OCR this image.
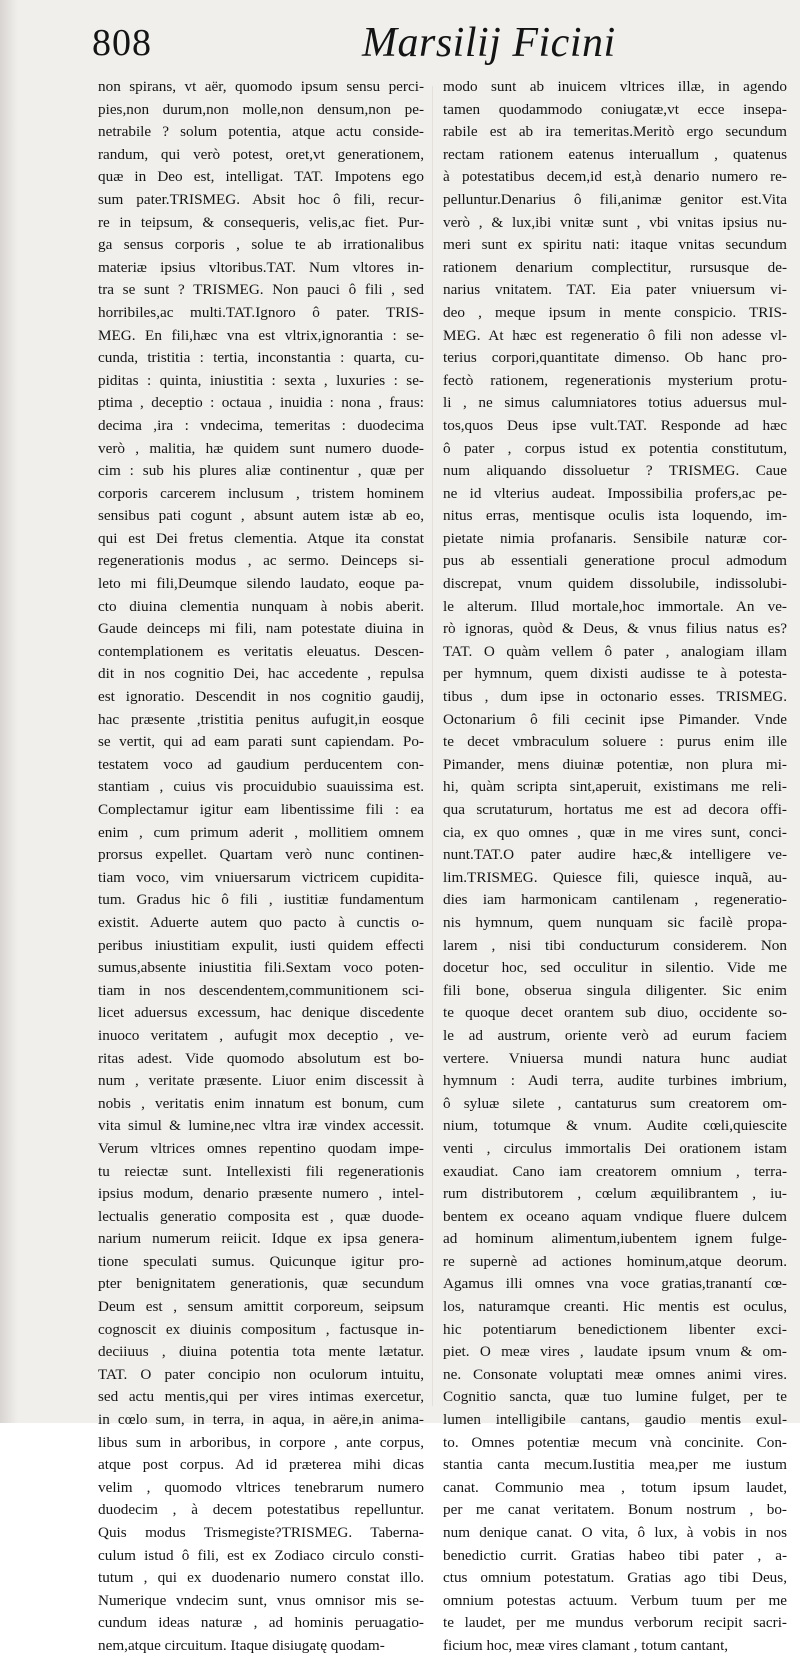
808	Marsilij Ficini
non spirans, vt aër, quomodo ipsum sensu perci-
pies,non durum,non molle,non densum,non pe-
netrabile ? solum potentia, atque actu conside-
randum, qui verò potest, oret,vt generationem,
quæ in Deo est, intelligat. TAT. Impotens ego
sum pater.TRISMEG. Absit hoc ô fili, recur-
re in teipsum, & consequeris, velis,ac fiet. Pur-
ga sensus corporis , solue te ab irrationalibus
materiæ ipsius vltoribus.TAT. Num vltores in-
tra se sunt ? TRISMEG. Non pauci ô fili , sed
horribiles,ac multi.TAT.Ignoro ô pater. TRIS-
MEG. En fili,hæc vna est vltrix,ignorantia : se-
cunda, tristitia : tertia, inconstantia : quarta, cu-
piditas : quinta, iniustitia : sexta , luxuries : se-
ptima , deceptio : octaua , inuidia : nona , fraus:
decima ,ira : vndecima, temeritas : duodecima
verò , malitia, hæ quidem sunt numero duode-
cim : sub his plures aliæ continentur , quæ per
corporis carcerem inclusum , tristem hominem
sensibus pati cogunt , absunt autem istæ ab eo,
qui est Dei fretus clementia. Atque ita constat
regenerationis modus , ac sermo. Deinceps si-
leto mi fili,Deumque silendo laudato, eoque pa-
cto diuina clementia nunquam à nobis aberit.
Gaude deinceps mi fili, nam potestate diuina in
contemplationem es veritatis eleuatus. Descen-
dit in nos cognitio Dei, hac accedente , repulsa
est ignoratio. Descendit in nos cognitio gaudij,
hac præsente ,tristitia penitus aufugit,in eosque
se vertit, qui ad eam parati sunt capiendam. Po-
testatem voco ad gaudium perducentem con-
stantiam , cuius vis procuidubio suauissima est.
Complectamur igitur eam libentissime fili : ea
enim , cum primum aderit , mollitiem omnem
prorsus expellet. Quartam verò nunc continen-
tiam voco, vim vniuersarum victricem cupidita-
tum. Gradus hic ô fili , iustitiæ fundamentum
existit. Aduerte autem quo pacto à cunctis o-
peribus iniustitiam expulit, iusti quidem effecti
sumus,absente iniustitia fili.Sextam voco poten-
tiam in nos descendentem,communitionem sci-
licet aduersus excessum, hac denique discedente
inuoco veritatem , aufugit mox deceptio , ve-
ritas adest. Vide quomodo absolutum est bo-
num , veritate præsente. Liuor enim discessit à
nobis , veritatis enim innatum est bonum, cum
vita simul & lumine,nec vltra iræ vindex accessit.
Verum vltrices omnes repentino quodam impe-
tu reiectæ sunt. Intellexisti fili regenerationis
ipsius modum, denario præsente numero , intel-
lectualis generatio composita est , quæ duode-
narium numerum reiicit. Idque ex ipsa genera-
tione speculati sumus. Quicunque igitur pro-
pter benignitatem generationis, quæ secundum
Deum est , sensum amittit corporeum, seipsum
cognoscit ex diuinis compositum , factusque in-
deciiuus , diuina potentia tota mente lætatur.
TAT. O pater concipio non oculorum intuitu,
sed actu mentis,qui per vires intimas exercetur,
in cœlo sum, in terra, in aqua, in aëre,in anima-
libus sum in arboribus, in corpore , ante corpus,
atque post corpus. Ad id præterea mihi dicas
velim , quomodo vltrices tenebrarum numero
duodecim , à decem potestatibus repelluntur.
Quis modus Trismegiste?TRISMEG. Taberna-
culum istud ô fili, est ex Zodiaco circulo consti-
tutum , qui ex duodenario numero constat illo.
Numerique vndecim sunt, vnus omnisor mis se-
cundum ideas naturæ , ad hominis peruagatio-
nem,atque circuitum. Itaque disiugatę quodam-
modo sunt ab inuicem vltrices illæ, in agendo
tamen quodammodo coniugatæ,vt ecce insepa-
rabile est ab ira temeritas.Meritò ergo secundum
rectam rationem eatenus interuallum , quatenus
à potestatibus decem,id est,à denario numero re-
pelluntur.Denarius ô fili,animæ genitor est.Vita
verò , & lux,ibi vnitæ sunt , vbi vnitas ipsius nu-
meri sunt ex spiritu nati: itaque vnitas secundum
rationem denarium complectitur, rursusque de-
narius vnitatem. TAT. Eia pater vniuersum vi-
deo , meque ipsum in mente conspicio. TRIS-
MEG. At hæc est regeneratio ô fili non adesse vl-
terius corpori,quantitate dimenso. Ob hanc pro-
fectò rationem, regenerationis mysterium protu-
li , ne simus calumniatores totius aduersus mul-
tos,quos Deus ipse vult.TAT. Responde ad hæc
ô pater , corpus istud ex potentia constitutum,
num aliquando dissoluetur ? TRISMEG. Caue
ne id vlterius audeat. Impossibilia profers,ac pe-
nitus erras, mentisque oculis ista loquendo, im-
pietate nimia profanaris. Sensibile naturæ cor-
pus ab essentiali generatione procul admodum
discrepat, vnum quidem dissolubile, indissolubi-
le alterum. Illud mortale,hoc immortale. An ve-
rò ignoras, quòd & Deus, & vnus filius natus es?
TAT. O quàm vellem ô pater , analogiam illam
per hymnum, quem dixisti audisse te à potesta-
tibus , dum ipse in octonario esses. TRISMEG.
Octonarium ô fili cecinit ipse Pimander. Vnde
te decet vmbraculum soluere : purus enim ille
Pimander, mens diuinæ potentiæ, non plura mi-
hi, quàm scripta sint,aperuit, existimans me reli-
qua scrutaturum, hortatus me est ad decora offi-
cia, ex quo omnes , quæ in me vires sunt, conci-
nunt.TAT.O pater audire hæc,& intelligere ve-
lim.TRISMEG. Quiesce fili, quiesce inquã, au-
dies iam harmonicam cantilenam , regeneratio-
nis hymnum, quem nunquam sic facilè propa-
larem , nisi tibi conducturum considerem. Non
docetur hoc, sed occulitur in silentio. Vide me
fili bone, obserua singula diligenter. Sic enim
te quoque decet orantem sub diuo, occidente so-
le ad austrum, oriente verò ad eurum faciem
vertere. Vniuersa mundi natura hunc audiat
hymnum : Audi terra, audite turbines imbrium,
ô syluæ silete , cantaturus sum creatorem om-
nium, totumque & vnum. Audite cœli,quiescite
venti , circulus immortalis Dei orationem istam
exaudiat. Cano iam creatorem omnium , terra-
rum distributorem , cœlum æquilibrantem , iu-
bentem ex oceano aquam vndique fluere dulcem
ad hominum alimentum,iubentem ignem fulge-
re supernè ad actiones hominum,atque deorum.
Agamus illi omnes vna voce gratias,tranantí cœ-
los, naturamque creanti. Hic mentis est oculus,
hic potentiarum benedictionem libenter exci-
piet. O meæ vires , laudate ipsum vnum & om-
ne. Consonate voluptati meæ omnes animi vires.
Cognitio sancta, quæ tuo lumine fulget, per te
lumen intelligibile cantans, gaudio mentis exul-
to. Omnes potentiæ mecum vnà concinite. Con-
stantia canta mecum.Iustitia mea,per me iustum
canat. Communio mea , totum ipsum laudet,
per me canat veritatem. Bonum nostrum , bo-
num denique canat. O vita, ô lux, à vobis in nos
benedictio currit. Gratias habeo tibi pater , a-
ctus omnium potestatum. Gratias ago tibi Deus,
omnium potestas actuum. Verbum tuum per me
te laudet, per me mundus verborum recipit sacri-
ficium hoc, meæ vires clamant , totum cantant,
